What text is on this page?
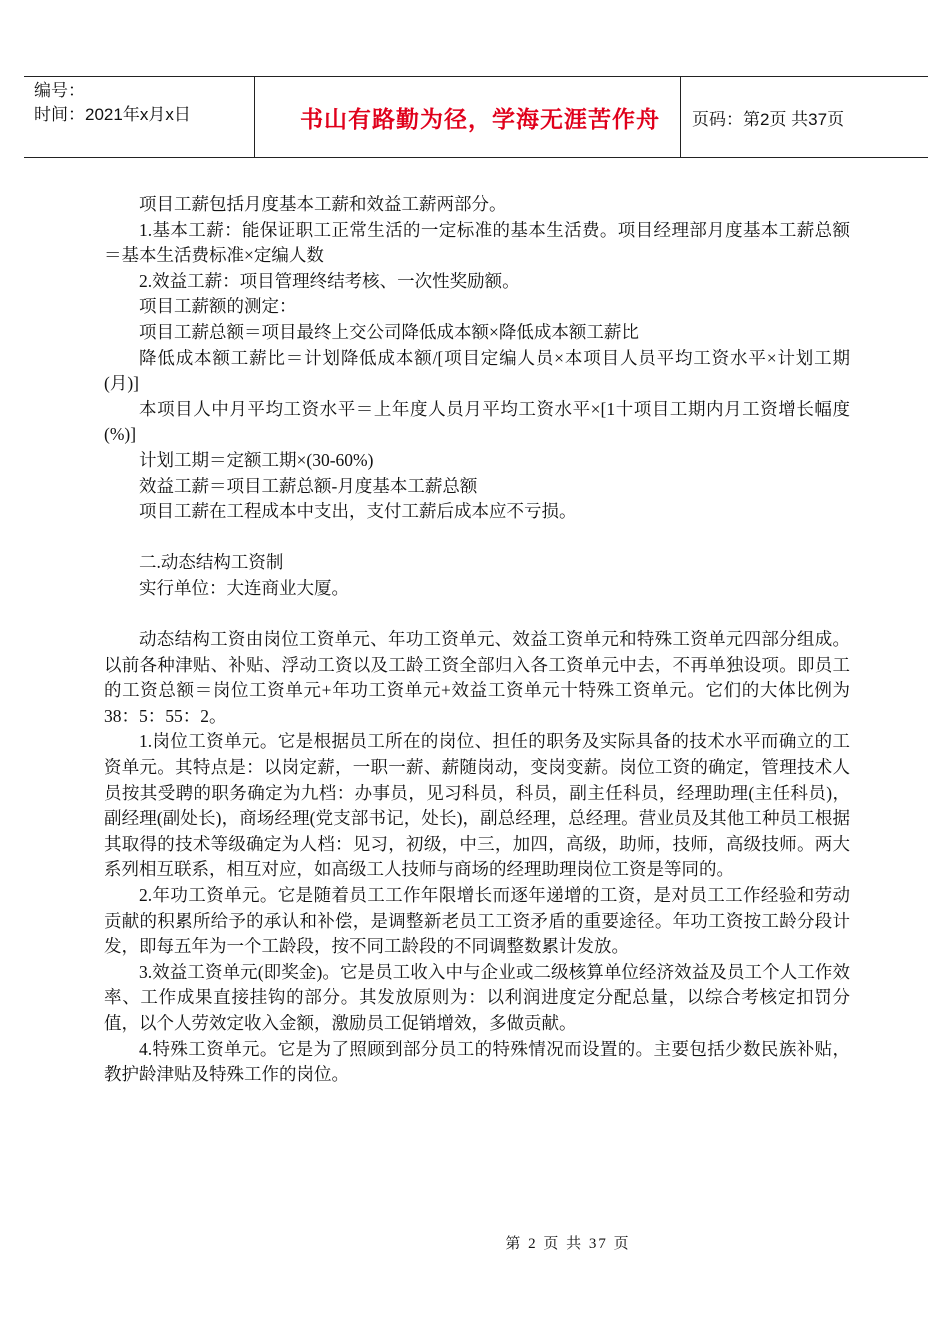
编号：
时间：2021年x月x日	书山有路勤为径，学海无涯苦作舟	页码：第2页 共37页

项目工薪包括月度基本工薪和效益工薪两部分。

1.基本工薪：能保证职工正常生活的一定标准的基本生活费。项目经理部月度基本工薪总额＝基本生活费标准×定编人数

2.效益工薪：项目管理终结考核、一次性奖励额。

项目工薪额的测定：

项目工薪总额＝项目最终上交公司降低成本额×降低成本额工薪比

降低成本额工薪比＝计划降低成本额/[项目定编人员×本项目人员平均工资水平×计划工期(月)]

本项目人中月平均工资水平＝上年度人员月平均工资水平×[1十项目工期内月工资增长幅度(%)]

计划工期＝定额工期×(30-60%)

效益工薪＝项目工薪总额-月度基本工薪总额

项目工薪在工程成本中支出，支付工薪后成本应不亏损。

二.动态结构工资制

实行单位：大连商业大厦。

动态结构工资由岗位工资单元、年功工资单元、效益工资单元和特殊工资单元四部分组成。以前各种津贴、补贴、浮动工资以及工龄工资全部归入各工资单元中去，不再单独设项。即员工的工资总额＝岗位工资单元+年功工资单元+效益工资单元十特殊工资单元。它们的大体比例为38：5：55：2。

1.岗位工资单元。它是根据员工所在的岗位、担任的职务及实际具备的技术水平而确立的工资单元。其特点是：以岗定薪，一职一薪、薪随岗动，变岗变薪。岗位工资的确定，管理技术人员按其受聘的职务确定为九档：办事员，见习科员，科员，副主任科员，经理助理(主任科员)，副经理(副处长)，商场经理(党支部书记，处长)，副总经理，总经理。营业员及其他工种员工根据其取得的技术等级确定为人档：见习，初级，中三，加四，高级，助师，技师，高级技师。两大系列相互联系，相互对应，如高级工人技师与商场的经理助理岗位工资是等同的。

2.年功工资单元。它是随着员工工作年限增长而逐年递增的工资，是对员工工作经验和劳动贡献的积累所给予的承认和补偿，是调整新老员工工资矛盾的重要途径。年功工资按工龄分段计发，即每五年为一个工龄段，按不同工龄段的不同调整数累计发放。

3.效益工资单元(即奖金)。它是员工收入中与企业或二级核算单位经济效益及员工个人工作效率、工作成果直接挂钩的部分。其发放原则为：以利润进度定分配总量，以综合考核定扣罚分值，以个人劳效定收入金额，激励员工促销增效，多做贡献。

4.特殊工资单元。它是为了照顾到部分员工的特殊情况而设置的。主要包括少数民族补贴，教护龄津贴及特殊工作的岗位。

第 2 页 共 37 页
